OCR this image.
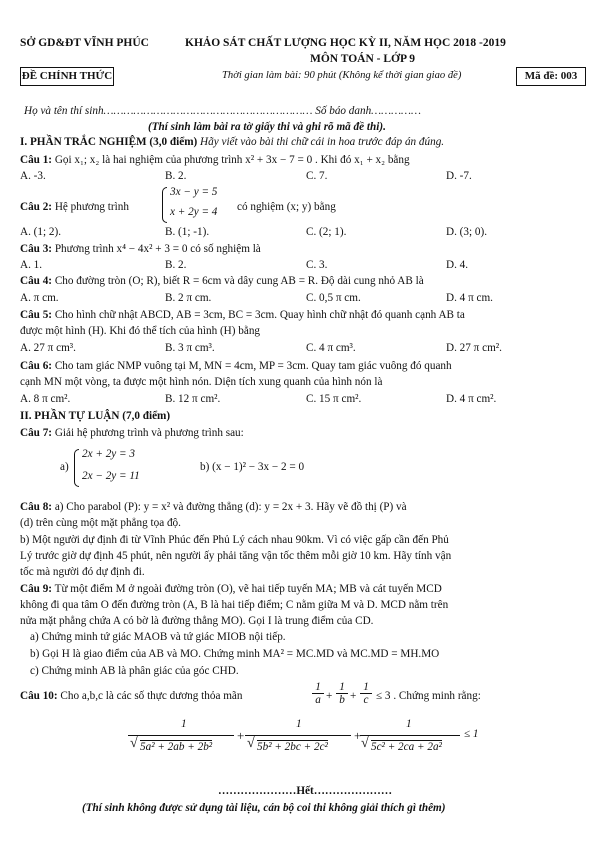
SỞ GD&ĐT VĨNH PHÚC	KHẢO SÁT CHẤT LƯỢNG HỌC KỲ II, NĂM HỌC 2018 -2019
MÔN TOÁN - LỚP 9
ĐỀ CHÍNH THỨC	Thời gian làm bài: 90 phút (Không kể thời gian giao đề)	Mã đề: 003
Họ và tên thí sinh……………………………………………………… Số báo danh……………
(Thí sinh làm bài ra tờ giấy thi và ghi rõ mã đề thi).
I. PHẦN TRẮC NGHIỆM (3,0 điểm) Hãy viết vào bài thi chữ cái in hoa trước đáp án đúng.
Câu 1: Gọi x₁; x₂ là hai nghiệm của phương trình x² + 3x − 7 = 0 . Khi đó x₁ + x₂ bằng
A. -3.	B. 2.	C. 7.	D. -7.
Câu 2: Hệ phương trình
3x − y = 5
x + 2y = 4 có nghiệm (x; y) bằng
A. (1; 2).	B. (1; -1).	C. (2; 1).	D. (3; 0).
Câu 3: Phương trình x⁴ − 4x² + 3 = 0 có số nghiệm là
A. 1.	B. 2.	C. 3.	D. 4.
Câu 4: Cho đường tròn (O; R), biết R = 6cm và dây cung AB = R. Độ dài cung nhỏ AB là
A. π cm.	B. 2 π cm.	C. 0,5 π cm.	D. 4 π cm.
Câu 5: Cho hình chữ nhật ABCD, AB = 3cm, BC = 3cm. Quay hình chữ nhật đó quanh cạnh AB ta
được một hình (H). Khi đó thể tích của hình (H) bằng
A. 27 π cm³.	B. 3 π cm³.	C. 4 π cm³.	D. 27 π cm².
Câu 6: Cho tam giác NMP vuông tại M, MN = 4cm, MP = 3cm. Quay tam giác vuông đó quanh
cạnh MN một vòng, ta được một hình nón. Diện tích xung quanh của hình nón là
A. 8 π cm².	B. 12 π cm².	C. 15 π cm².	D. 4 π cm².
II. PHẦN TỰ LUẬN (7,0 điểm)
Câu 7: Giải hệ phương trình và phương trình sau:
a)
2x + 2y = 3
2x − 2y = 11
b) (x − 1)² − 3x − 2 = 0
Câu 8: a) Cho parabol (P): y = x² và đường thẳng (d): y = 2x + 3. Hãy vẽ đồ thị (P) và
(d) trên cùng một mặt phẳng tọa độ.
b) Một người dự định đi từ Vĩnh Phúc đến Phủ Lý cách nhau 90km. Vì có việc gấp cần đến Phủ
Lý trước giờ dự định 45 phút, nên người ấy phải tăng vận tốc thêm mỗi giờ 10 km. Hãy tính vận
tốc mà người đó dự định đi.
Câu 9: Từ một điểm M ở ngoài đường tròn (O), vẽ hai tiếp tuyến MA; MB và cát tuyến MCD
không đi qua tâm O đến đường tròn (A, B là hai tiếp điểm; C nằm giữa M và D. MCD nằm trên
nửa mặt phẳng chứa A có bờ là đường thẳng MO). Gọi I là trung điểm của CD.
a) Chứng minh tứ giác MAOB và tứ giác MIOB nội tiếp.
b) Gọi H là giao điểm của AB và MO. Chứng minh MA² = MC.MD và MC.MD = MH.MO
c) Chứng minh AB là phân giác của góc CHD.
Câu 10: Cho a,b,c là các số thực dương thỏa mãn	$\frac{1}{a} + \frac{1}{b} + \frac{1}{c} \le 3$ . Chứng minh rằng:
1
√ 5a² + 2ab + 2b²
+
1
√ 5b² + 2bc + 2c²
+
1
√ 5c² + 2ca + 2a²
≤ 1
…………………Hết…………………
(Thí sinh không được sử dụng tài liệu, cán bộ coi thi không giải thích gì thêm)
